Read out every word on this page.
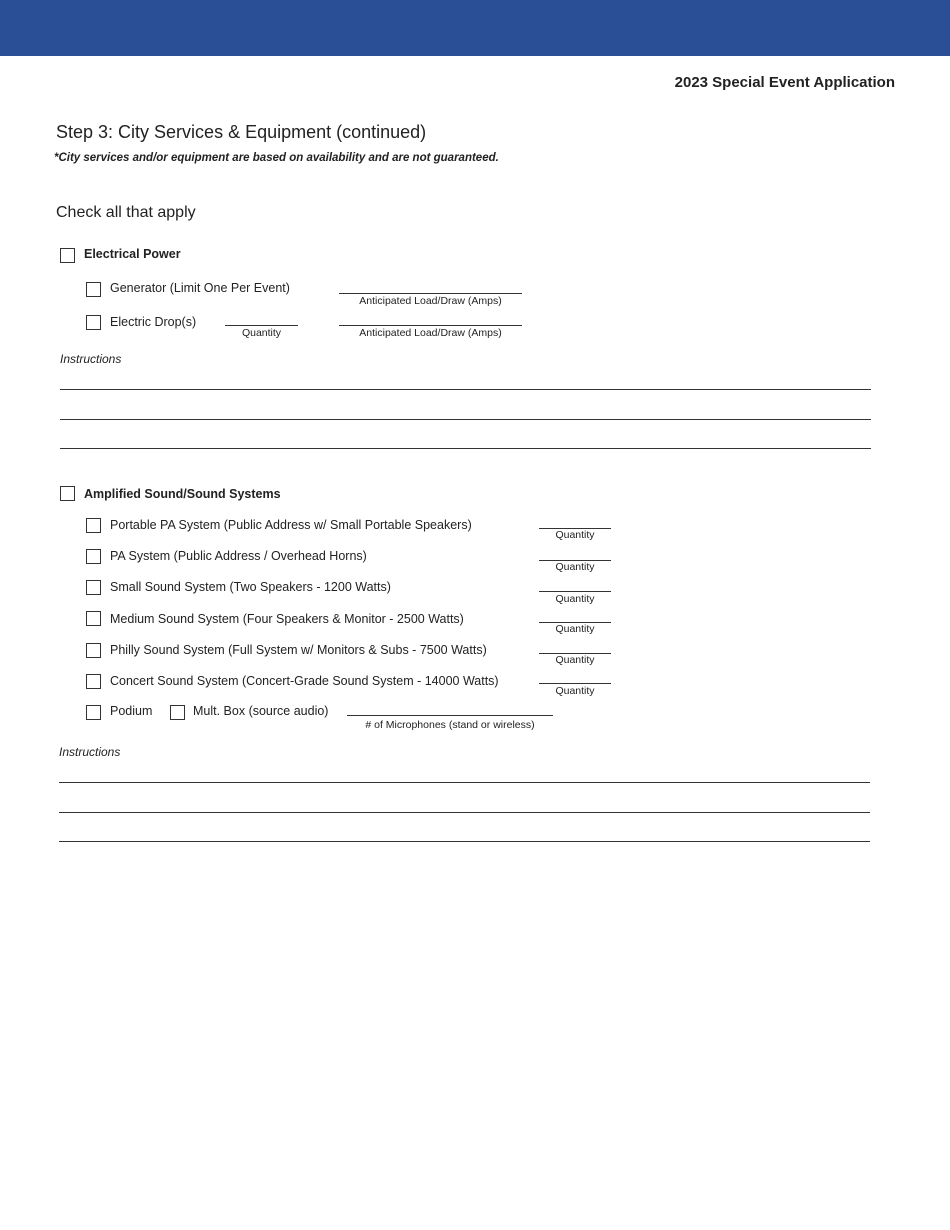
2023 Special Event Application
Step 3: City Services & Equipment (continued)
*City services and/or equipment are based on availability and are not guaranteed.
Check all that apply
Electrical Power
Generator (Limit One Per Event)
Anticipated Load/Draw (Amps)
Electric Drop(s)
Quantity	Anticipated Load/Draw (Amps)
Instructions
Amplified Sound/Sound Systems
Portable PA System (Public Address w/ Small Portable Speakers)
Quantity
PA System (Public Address / Overhead Horns)
Quantity
Small Sound System (Two Speakers - 1200 Watts)
Quantity
Medium Sound System (Four Speakers & Monitor - 2500 Watts)
Quantity
Philly Sound System (Full System w/ Monitors & Subs - 7500 Watts)
Quantity
Concert Sound System (Concert-Grade Sound System - 14000 Watts)
Quantity
Podium	Mult. Box (source audio)
# of Microphones (stand or wireless)
Instructions
